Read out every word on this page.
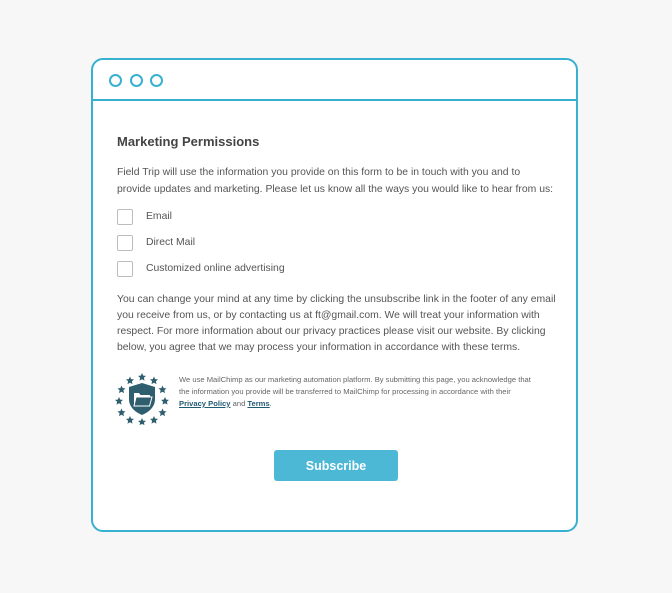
Marketing Permissions

Field Trip will use the information you provide on this form to be in touch with you and to provide updates and marketing. Please let us know all the ways you would like to hear from us:

Email
Direct Mail
Customized online advertising

You can change your mind at any time by clicking the unsubscribe link in the footer of any email you receive from us, or by contacting us at ft@gmail.com. We will treat your information with respect. For more information about our privacy practices please visit our website. By clicking below, you agree that we may process your information in accordance with these terms.

We use MailChimp as our marketing automation platform. By submitting this page, you acknowledge that the information you provide will be transferred to MailChimp for processing in accordance with their Privacy Policy and Terms.
Subscribe
